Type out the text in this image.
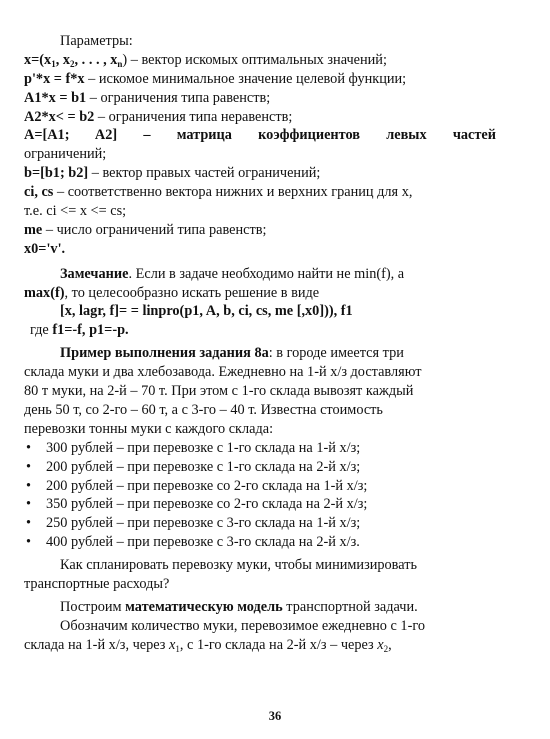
Параметры:
$x=(x_1$, $x_2$, . . . , $x_n$) – вектор искомых оптимальных значений;
p'*x = f*x – искомое минимальное значение целевой функции;
A1*x = b1 – ограничения типа равенств;
A2*x< = b2 – ограничения типа неравенств;
A=[A1; A2] – матрица коэффициентов левых частей
ограничений;
b=[b1; b2] – вектор правых частей ограничений;
ci, cs – соответственно вектора нижних и верхних границ для x,
т.е. ci <= x <= cs;
me – число ограничений типа равенств;
x0='v'.
Замечание. Если в задаче необходимо найти не min(f), а
max(f), то целесообразно искать решение в виде
[x, lagr, f]= = linpro(p1, A, b, ci, cs, me [,x0])), f1
где f1=-f, p1=-p.
Пример выполнения задания 8а: в городе имеется три
склада муки и два хлебозавода. Ежедневно на 1-й х/з доставляют
80 т муки, на 2-й – 70 т. При этом с 1-го склада вывозят каждый
день 50 т, со 2-го – 60 т, а с 3-го – 40 т. Известна стоимость
перевозки тонны муки с каждого склада:
• 300 рублей – при перевозке с 1-го склада на 1-й х/з;
• 200 рублей – при перевозке с 1-го склада на 2-й х/з;
• 200 рублей – при перевозке со 2-го склада на 1-й х/з;
• 350 рублей – при перевозке со 2-го склада на 2-й х/з;
• 250 рублей – при перевозке с 3-го склада на 1-й х/з;
• 400 рублей – при перевозке с 3-го склада на 2-й х/з.
Как спланировать перевозку муки, чтобы минимизировать
транспортные расходы?
Построим математическую модель транспортной задачи.
Обозначим количество муки, перевозимое ежедневно с 1-го
склада на 1-й х/з, через $x_1$, с 1-го склада на 2-й х/з – через $x_2$,
36
